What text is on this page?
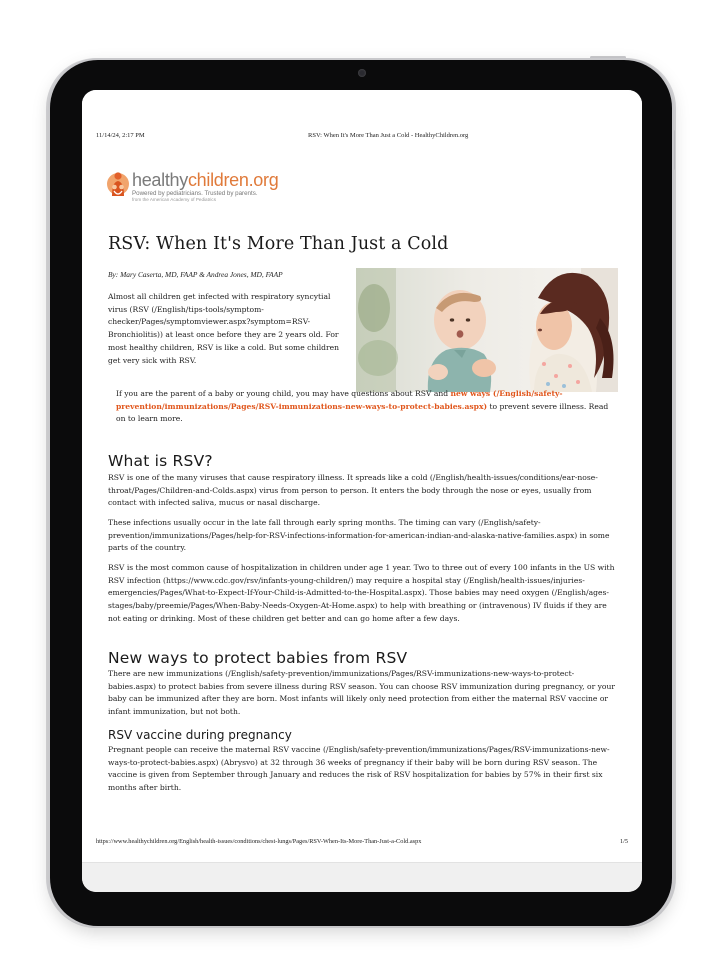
11/14/24, 2:17 PM	RSV: When It's More Than Just a Cold - HealthyChildren.org
healthychildren.org
Powered by pediatricians. Trusted by parents.
from the American Academy of Pediatrics
RSV: When It's More Than Just a Cold
By: Mary Caserta, MD, FAAP & Andrea Jones, MD, FAAP
Almost all children get infected with respiratory syncytial virus (RSV (/English/tips-tools/symptom-checker/Pages/symptomviewer.aspx?symptom=RSV-Bronchiolitis)) at least once before they are 2 years old. For most healthy children, RSV is like a cold. But some children get very sick with RSV.
If you are the parent of a baby or young child, you may have questions about RSV and new ways (/English/safety-prevention/immunizations/Pages/RSV-immunizations-new-ways-to-protect-babies.aspx) to prevent severe illness. Read on to learn more.
What is RSV?
RSV is one of the many viruses that cause respiratory illness. It spreads like a cold (/English/health-issues/conditions/ear-nose-throat/Pages/Children-and-Colds.aspx) virus from person to person. It enters the body through the nose or eyes, usually from contact with infected saliva, mucus or nasal discharge.
These infections usually occur in the late fall through early spring months. The timing can vary (/English/safety-prevention/immunizations/Pages/help-for-RSV-infections-information-for-american-indian-and-alaska-native-families.aspx) in some parts of the country.
RSV is the most common cause of hospitalization in children under age 1 year. Two to three out of every 100 infants in the US with RSV infection (https://www.cdc.gov/rsv/infants-young-children/) may require a hospital stay (/English/health-issues/injuries-emergencies/Pages/What-to-Expect-If-Your-Child-is-Admitted-to-the-Hospital.aspx). Those babies may need oxygen (/English/ages-stages/baby/preemie/Pages/When-Baby-Needs-Oxygen-At-Home.aspx) to help with breathing or (intravenous) IV fluids if they are not eating or drinking. Most of these children get better and can go home after a few days.
New ways to protect babies from RSV
There are new immunizations (/English/safety-prevention/immunizations/Pages/RSV-immunizations-new-ways-to-protect-babies.aspx) to protect babies from severe illness during RSV season. You can choose RSV immunization during pregnancy, or your baby can be immunized after they are born. Most infants will likely only need protection from either the maternal RSV vaccine or infant immunization, but not both.
RSV vaccine during pregnancy
Pregnant people can receive the maternal RSV vaccine (/English/safety-prevention/immunizations/Pages/RSV-immunizations-new-ways-to-protect-babies.aspx) (Abrysvo) at 32 through 36 weeks of pregnancy if their baby will be born during RSV season. The vaccine is given from September through January and reduces the risk of RSV hospitalization for babies by 57% in their first six months after birth.
https://www.healthychildren.org/English/health-issues/conditions/chest-lungs/Pages/RSV-When-Its-More-Than-Just-a-Cold.aspx	1/5
